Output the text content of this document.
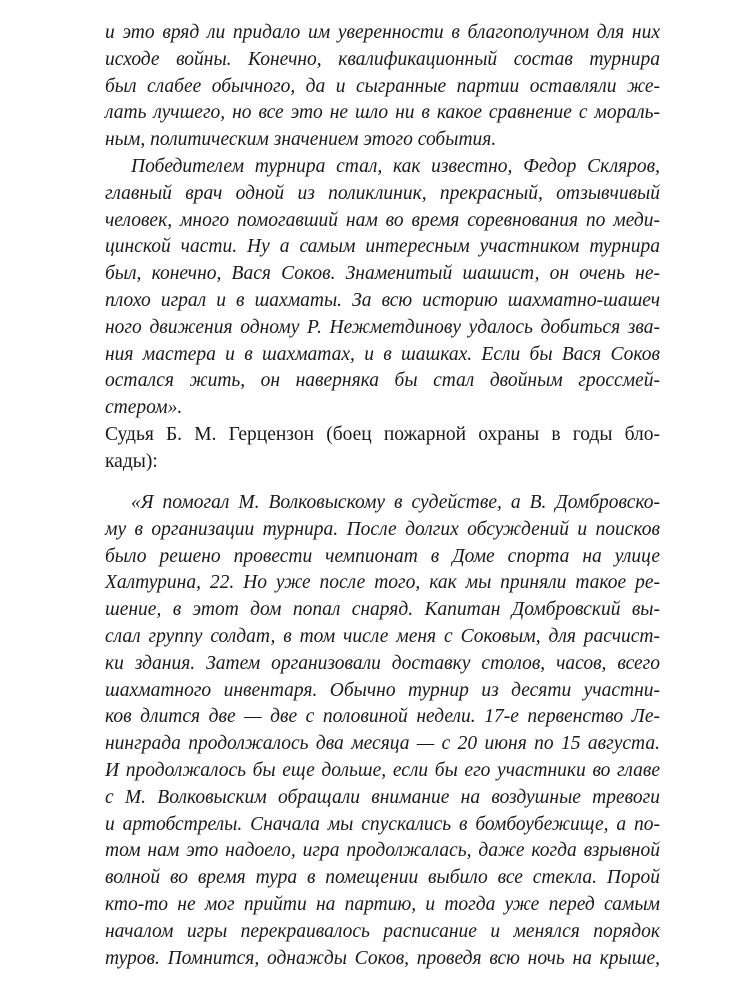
и это вряд ли придало им уверенности в благополучном для них
исходе войны. Конечно, квалификационный состав турнира
был слабее обычного, да и сыгранные партии оставляли же-
лать лучшего, но все это не шло ни в какое сравнение с мораль-
ным, политическим значением этого события.
Победителем турнира стал, как известно, Федор Скляров,
главный врач одной из поликлиник, прекрасный, отзывчивый
человек, много помогавший нам во время соревнования по меди-
цинской части. Ну а самым интересным участником турнира
был, конечно, Вася Соков. Знаменитый шашист, он очень не-
плохо играл и в шахматы. За всю историю шахматно-шашеч
ного движения одному Р. Нежметдинову удалось добиться зва-
ния мастера и в шахматах, и в шашках. Если бы Вася Соков
остался жить, он наверняка бы стал двойным гроссмей-
стером».
Судья Б. М. Герцензон (боец пожарной охраны в годы бло-
кады):
«Я помогал М. Волковыскому в судействе, а В. Домбровско-
му в организации турнира. После долгих обсуждений и поисков
было решено провести чемпионат в Доме спорта на улице
Халтурина, 22. Но уже после того, как мы приняли такое ре-
шение, в этот дом попал снаряд. Капитан Домбровский вы-
слал группу солдат, в том числе меня с Соковым, для расчист-
ки здания. Затем организовали доставку столов, часов, всего
шахматного инвентаря. Обычно турнир из десяти участни-
ков длится две — две с половиной недели. 17-е первенство Ле-
нинграда продолжалось два месяца — с 20 июня по 15 августа.
И продолжалось бы еще дольше, если бы его участники во главе
с М. Волковыским обращали внимание на воздушные тревоги
и артобстрелы. Сначала мы спускались в бомбоубежище, а по-
том нам это надоело, игра продолжалась, даже когда взрывной
волной во время тура в помещении выбило все стекла. Порой
кто-то не мог прийти на партию, и тогда уже перед самым
началом игры перекраивалось расписание и менялся порядок
туров. Помнится, однажды Соков, проведя всю ночь на крыше,
